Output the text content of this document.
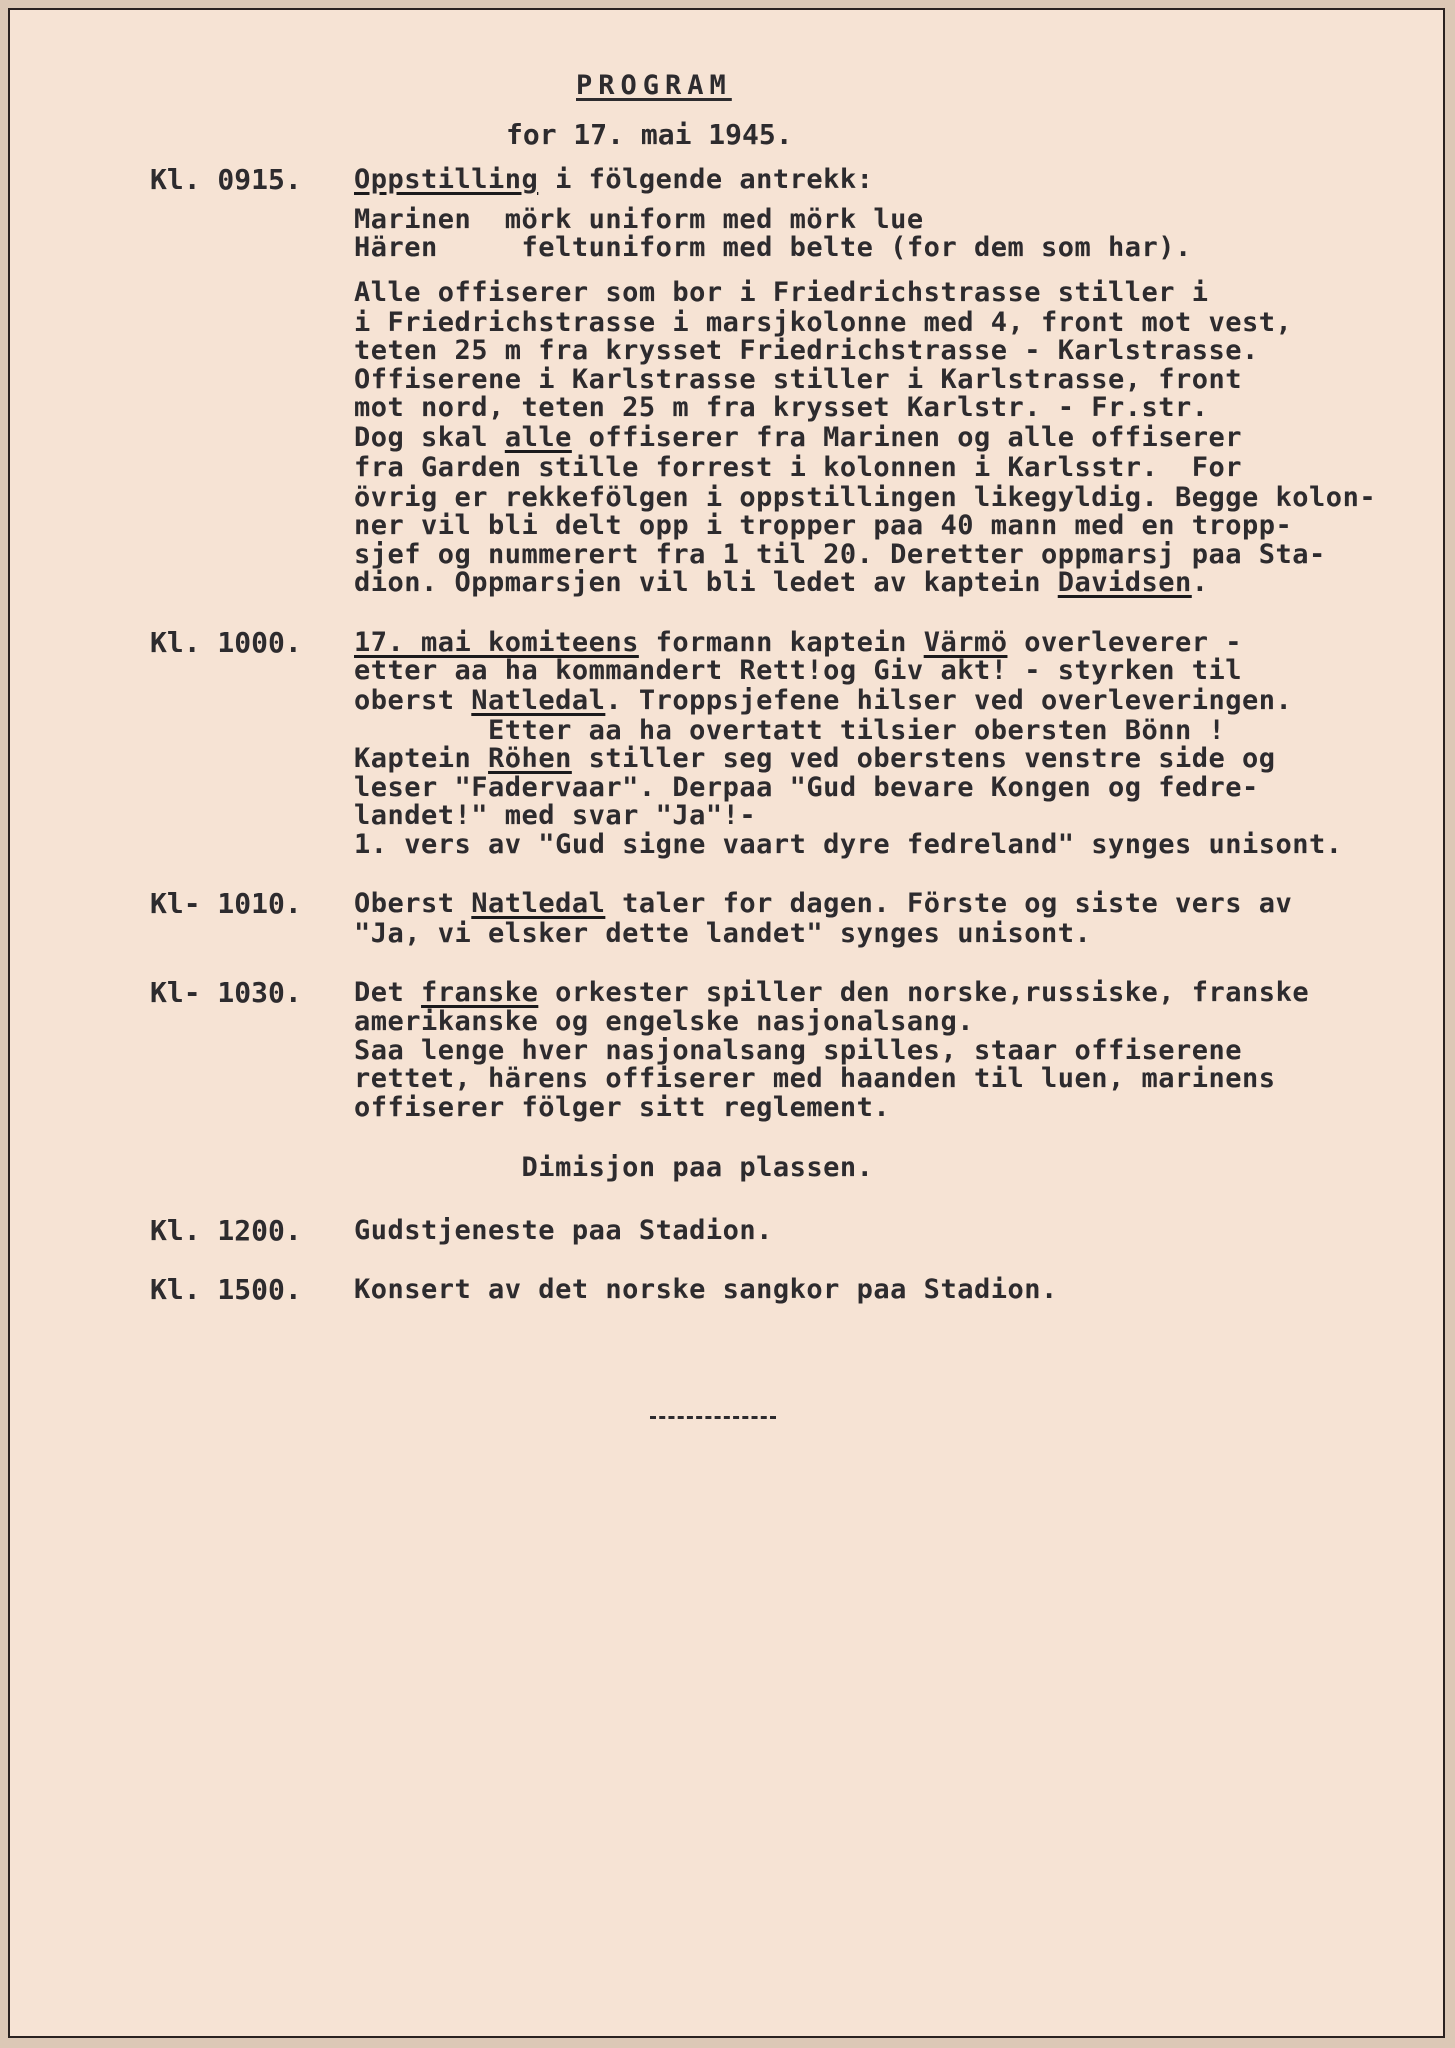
PROGRAM

for 17. mai 1945.

Kl. 0915. Oppstilling i fölgende antrekk:

Marinen  mörk uniform med mörk lue

Hären     feltuniform med belte (for dem som har).

Alle offiserer som bor i Friedrichstrasse stiller i

i Friedrichstrasse i marsjkolonne med 4, front mot vest,

teten 25 m fra krysset Friedrichstrasse - Karlstrasse.

Offiserene i Karlstrasse stiller i Karlstrasse, front

mot nord, teten 25 m fra krysset Karlstr. - Fr.str.

Dog skal alle offiserer fra Marinen og alle offiserer

fra Garden stille forrest i kolonnen i Karlsstr.  For

övrig er rekkefölgen i oppstillingen likegyldig. Begge kolon-

ner vil bli delt opp i tropper paa 40 mann med en tropp-

sjef og nummerert fra 1 til 20. Deretter oppmarsj paa Sta-

dion. Oppmarsjen vil bli ledet av kaptein Davidsen.

Kl. 1000. 17. mai komiteens formann kaptein Värmö overleverer -

etter aa ha kommandert Rett!og Giv akt! - styrken til

oberst Natledal. Troppsjefene hilser ved overleveringen.

Etter aa ha overtatt tilsier obersten Bönn !

Kaptein Röhen stiller seg ved oberstens venstre side og

leser "Fadervaar". Derpaa "Gud bevare Kongen og fedre-

landet!" med svar "Ja"!-

1. vers av "Gud signe vaart dyre fedreland" synges unisont.

Kl- 1010. Oberst Natledal taler for dagen. Förste og siste vers av

"Ja, vi elsker dette landet" synges unisont.

Kl- 1030. Det franske orkester spiller den norske,russiske, franske

amerikanske og engelske nasjonalsang.

Saa lenge hver nasjonalsang spilles, staar offiserene

rettet, härens offiserer med haanden til luen, marinens

offiserer fölger sitt reglement.

Dimisjon paa plassen.

Kl. 1200. Gudstjeneste paa Stadion.

Kl. 1500. Konsert av det norske sangkor paa Stadion.
